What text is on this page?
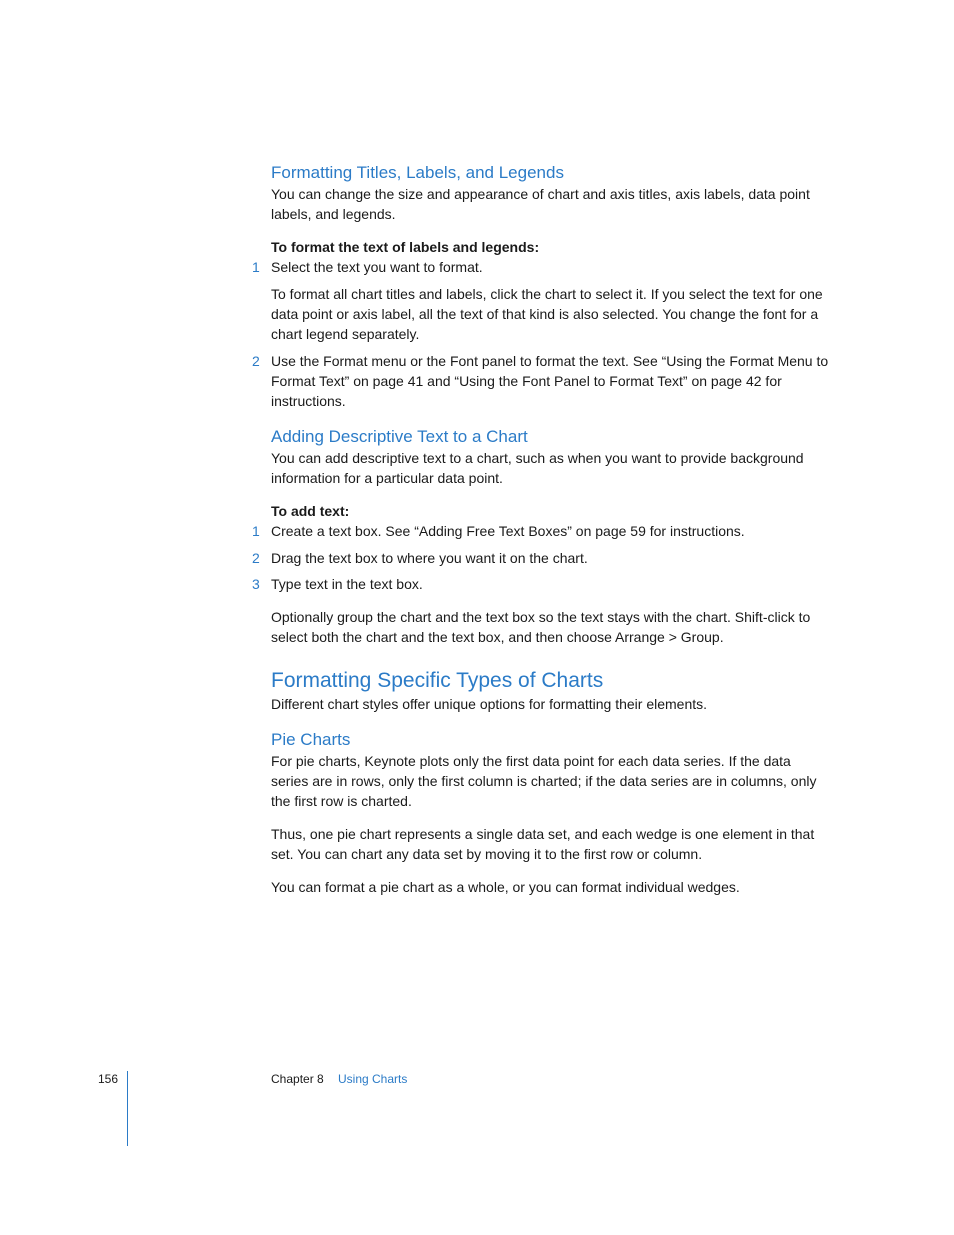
Formatting Titles, Labels, and Legends

You can change the size and appearance of chart and axis titles, axis labels, data point labels, and legends.

To format the text of labels and legends:

1 Select the text you want to format.

To format all chart titles and labels, click the chart to select it. If you select the text for one data point or axis label, all the text of that kind is also selected. You change the font for a chart legend separately.

2 Use the Format menu or the Font panel to format the text. See “Using the Format Menu to Format Text” on page 41 and “Using the Font Panel to Format Text” on page 42 for instructions.
Adding Descriptive Text to a Chart

You can add descriptive text to a chart, such as when you want to provide background information for a particular data point.

To add text:

1 Create a text box. See “Adding Free Text Boxes” on page 59 for instructions.
2 Drag the text box to where you want it on the chart.
3 Type text in the text box.

Optionally group the chart and the text box so the text stays with the chart. Shift-click to select both the chart and the text box, and then choose Arrange > Group.

Formatting Specific Types of Charts

Different chart styles offer unique options for formatting their elements.

Pie Charts

For pie charts, Keynote plots only the first data point for each data series. If the data series are in rows, only the first column is charted; if the data series are in columns, only the first row is charted.

Thus, one pie chart represents a single data set, and each wedge is one element in that set. You can chart any data set by moving it to the first row or column.

You can format a pie chart as a whole, or you can format individual wedges.

156	Chapter 8 Using Charts
